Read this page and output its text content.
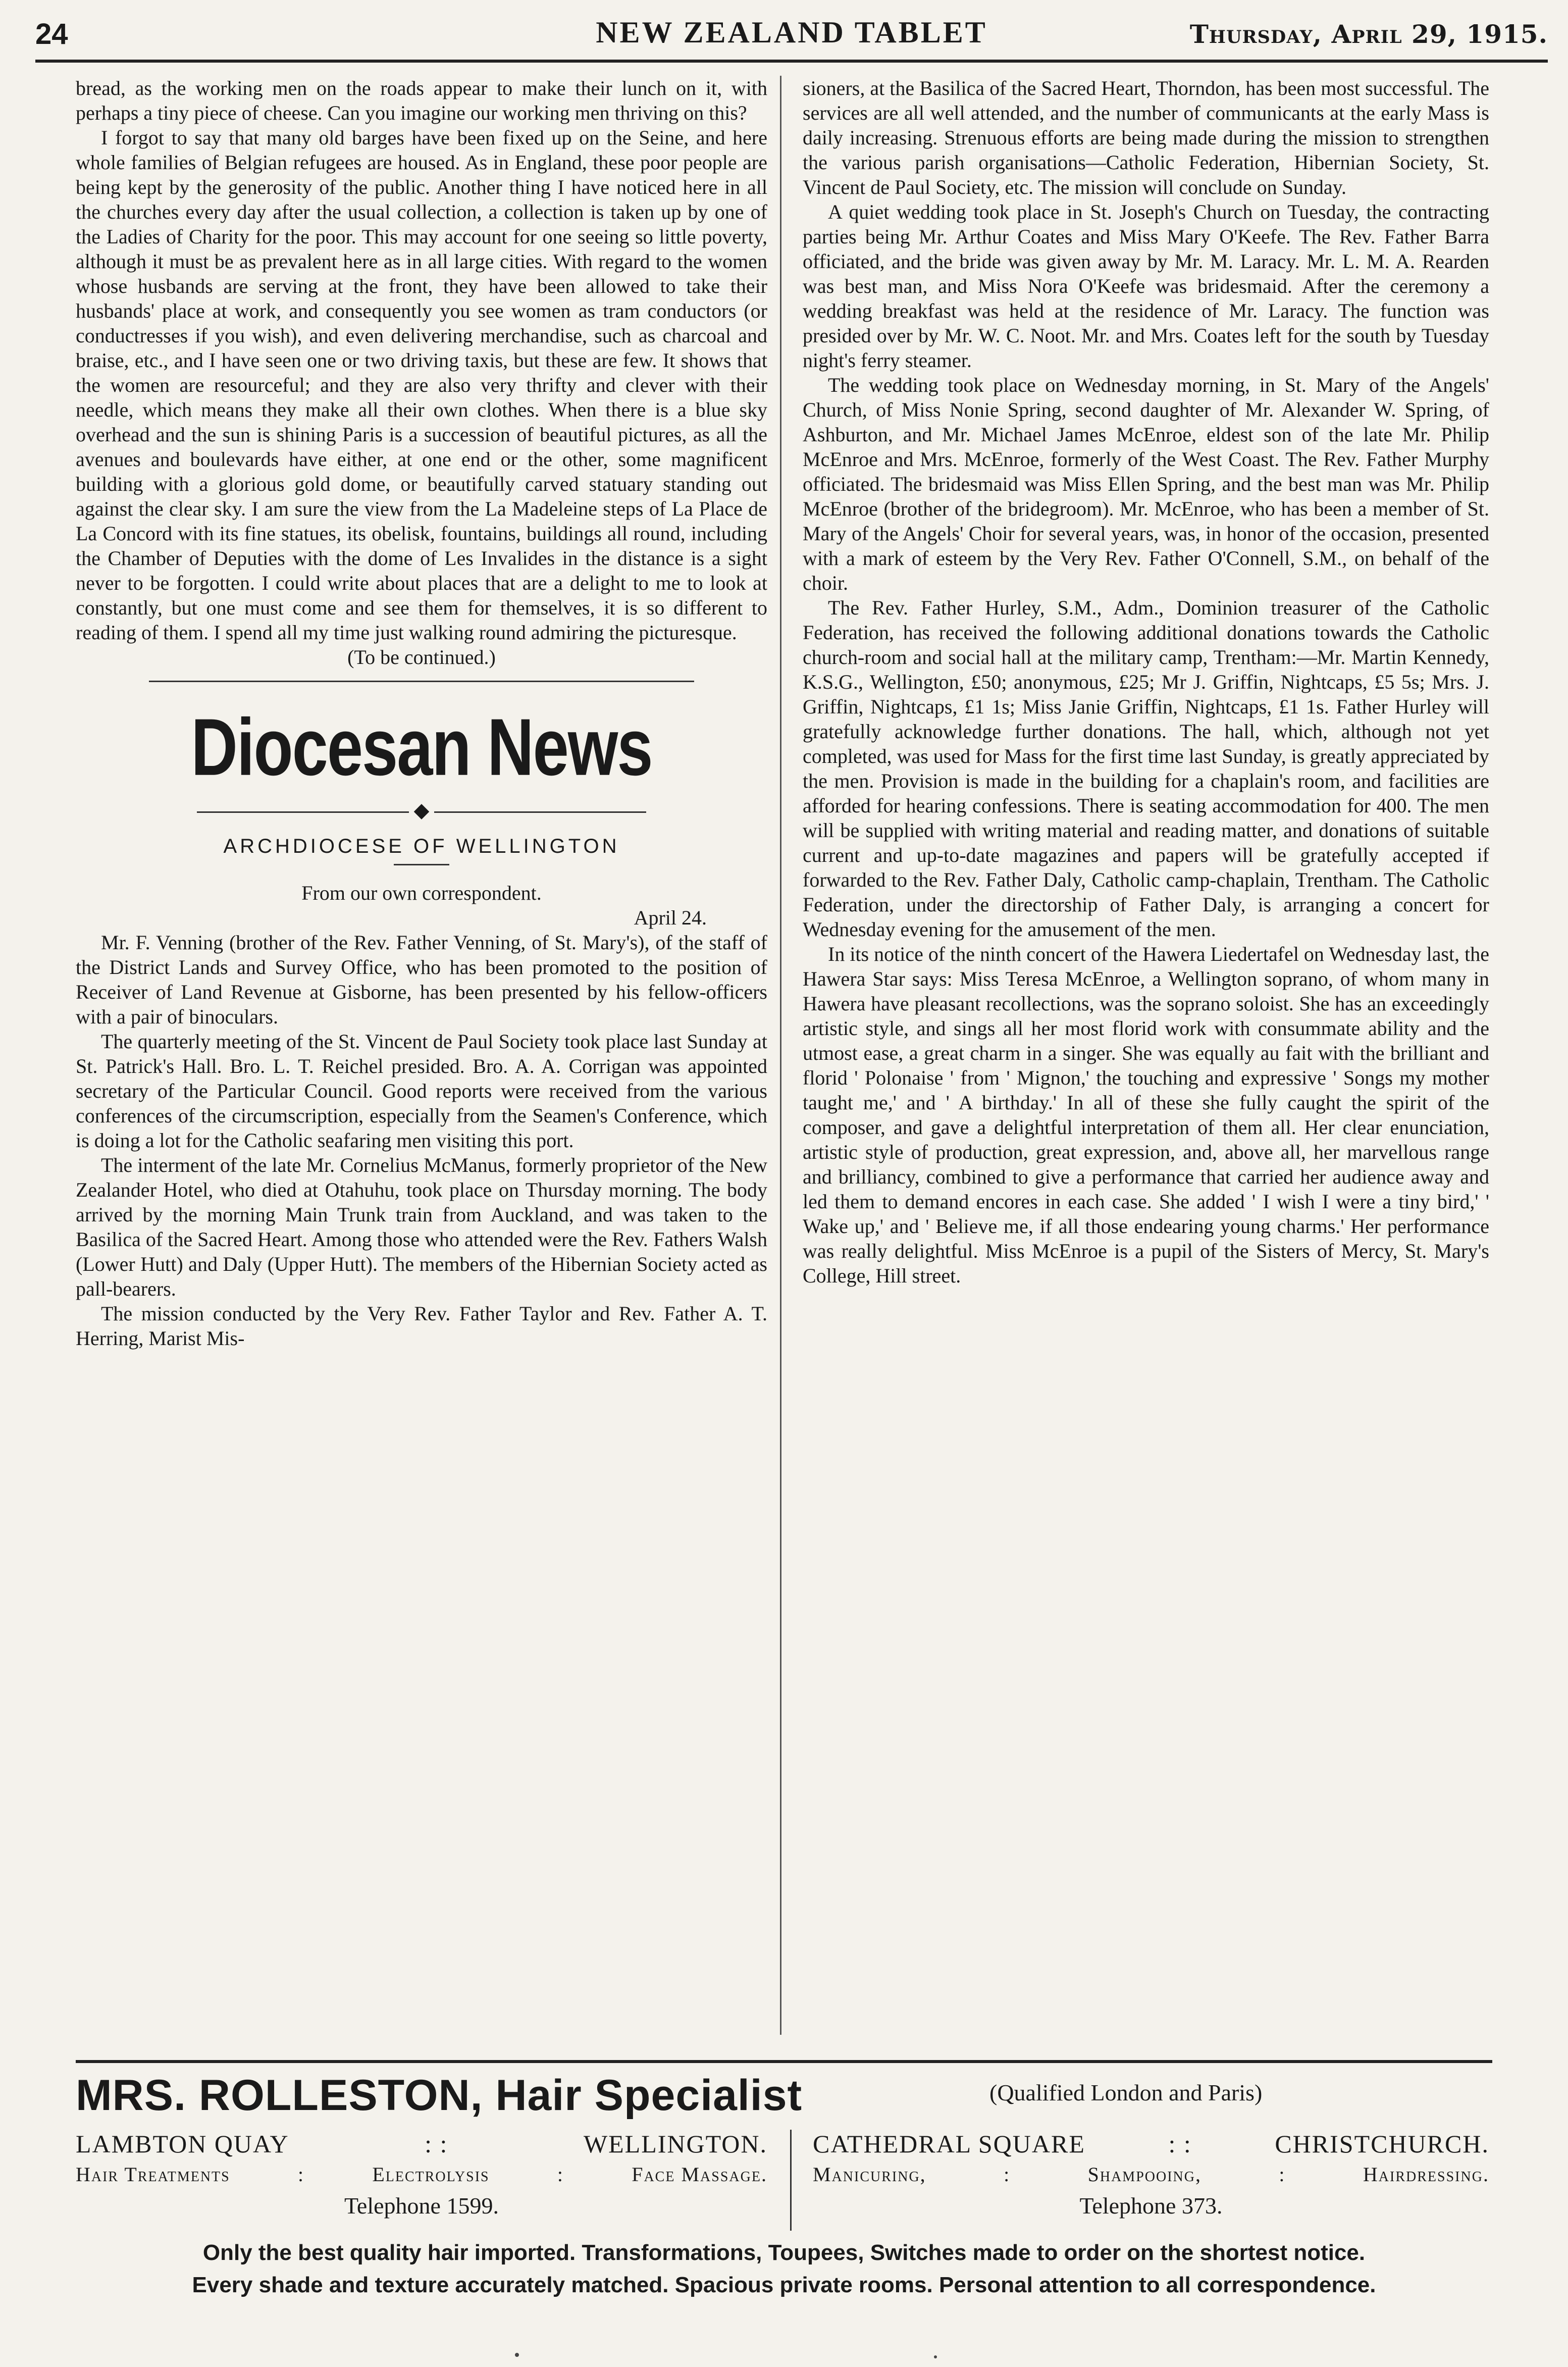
24	NEW ZEALAND TABLET	Thursday, April 29, 1915.

bread, as the working men on the roads appear to make their lunch on it, with perhaps a tiny piece of cheese. Can you imagine our working men thriving on this?

I forgot to say that many old barges have been fixed up on the Seine, and here whole families of Belgian refugees are housed. As in England, these poor people are being kept by the generosity of the public. Another thing I have noticed here in all the churches every day after the usual collection, a collection is taken up by one of the Ladies of Charity for the poor. This may account for one seeing so little poverty, although it must be as prevalent here as in all large cities. With regard to the women whose husbands are serving at the front, they have been allowed to take their husbands' place at work, and consequently you see women as tram conductors (or conductresses if you wish), and even delivering merchandise, such as charcoal and braise, etc., and I have seen one or two driving taxis, but these are few. It shows that the women are resourceful; and they are also very thrifty and clever with their needle, which means they make all their own clothes. When there is a blue sky overhead and the sun is shining Paris is a succession of beautiful pictures, as all the avenues and boulevards have either, at one end or the other, some magnificent building with a glorious gold dome, or beautifully carved statuary standing out against the clear sky. I am sure the view from the La Madeleine steps of La Place de La Concord with its fine statues, its obelisk, fountains, buildings all round, including the Chamber of Deputies with the dome of Les Invalides in the distance is a sight never to be forgotten. I could write about places that are a delight to me to look at constantly, but one must come and see them for themselves, it is so different to reading of them. I spend all my time just walking round admiring the picturesque.

(To be continued.)

Diocesan News
◆
ARCHDIOCESE OF WELLINGTON

From our own correspondent.

April 24.

Mr. F. Venning (brother of the Rev. Father Venning, of St. Mary's), of the staff of the District Lands and Survey Office, who has been promoted to the position of Receiver of Land Revenue at Gisborne, has been presented by his fellow-officers with a pair of binoculars.

The quarterly meeting of the St. Vincent de Paul Society took place last Sunday at St. Patrick's Hall. Bro. L. T. Reichel presided. Bro. A. A. Corrigan was appointed secretary of the Particular Council. Good reports were received from the various conferences of the circumscription, especially from the Seamen's Conference, which is doing a lot for the Catholic seafaring men visiting this port.

The interment of the late Mr. Cornelius McManus, formerly proprietor of the New Zealander Hotel, who died at Otahuhu, took place on Thursday morning. The body arrived by the morning Main Trunk train from Auckland, and was taken to the Basilica of the Sacred Heart. Among those who attended were the Rev. Fathers Walsh (Lower Hutt) and Daly (Upper Hutt). The members of the Hibernian Society acted as pall-bearers.

The mission conducted by the Very Rev. Father Taylor and Rev. Father A. T. Herring, Marist Mis-

sioners, at the Basilica of the Sacred Heart, Thorndon, has been most successful. The services are all well attended, and the number of communicants at the early Mass is daily increasing. Strenuous efforts are being made during the mission to strengthen the various parish organisations—Catholic Federation, Hibernian Society, St. Vincent de Paul Society, etc. The mission will conclude on Sunday.

A quiet wedding took place in St. Joseph's Church on Tuesday, the contracting parties being Mr. Arthur Coates and Miss Mary O'Keefe. The Rev. Father Barra officiated, and the bride was given away by Mr. M. Laracy. Mr. L. M. A. Rearden was best man, and Miss Nora O'Keefe was bridesmaid. After the ceremony a wedding breakfast was held at the residence of Mr. Laracy. The function was presided over by Mr. W. C. Noot. Mr. and Mrs. Coates left for the south by Tuesday night's ferry steamer.

The wedding took place on Wednesday morning, in St. Mary of the Angels' Church, of Miss Nonie Spring, second daughter of Mr. Alexander W. Spring, of Ashburton, and Mr. Michael James McEnroe, eldest son of the late Mr. Philip McEnroe and Mrs. McEnroe, formerly of the West Coast. The Rev. Father Murphy officiated. The bridesmaid was Miss Ellen Spring, and the best man was Mr. Philip McEnroe (brother of the bridegroom). Mr. McEnroe, who has been a member of St. Mary of the Angels' Choir for several years, was, in honor of the occasion, presented with a mark of esteem by the Very Rev. Father O'Connell, S.M., on behalf of the choir.

The Rev. Father Hurley, S.M., Adm., Dominion treasurer of the Catholic Federation, has received the following additional donations towards the Catholic church-room and social hall at the military camp, Trentham:—Mr. Martin Kennedy, K.S.G., Wellington, £50; anonymous, £25; Mr J. Griffin, Nightcaps, £5 5s; Mrs. J. Griffin, Nightcaps, £1 1s; Miss Janie Griffin, Nightcaps, £1 1s. Father Hurley will gratefully acknowledge further donations. The hall, which, although not yet completed, was used for Mass for the first time last Sunday, is greatly appreciated by the men. Provision is made in the building for a chaplain's room, and facilities are afforded for hearing confessions. There is seating accommodation for 400. The men will be supplied with writing material and reading matter, and donations of suitable current and up-to-date magazines and papers will be gratefully accepted if forwarded to the Rev. Father Daly, Catholic camp-chaplain, Trentham. The Catholic Federation, under the directorship of Father Daly, is arranging a concert for Wednesday evening for the amusement of the men.

In its notice of the ninth concert of the Hawera Liedertafel on Wednesday last, the Hawera Star says: Miss Teresa McEnroe, a Wellington soprano, of whom many in Hawera have pleasant recollections, was the soprano soloist. She has an exceedingly artistic style, and sings all her most florid work with consummate ability and the utmost ease, a great charm in a singer. She was equally au fait with the brilliant and florid ' Polonaise ' from ' Mignon,' the touching and expressive ' Songs my mother taught me,' and ' A birthday.' In all of these she fully caught the spirit of the composer, and gave a delightful interpretation of them all. Her clear enunciation, artistic style of production, great expression, and, above all, her marvellous range and brilliancy, combined to give a performance that carried her audience away and led them to demand encores in each case. She added ' I wish I were a tiny bird,' ' Wake up,' and ' Believe me, if all those endearing young charms.' Her performance was really delightful. Miss McEnroe is a pupil of the Sisters of Mercy, St. Mary's College, Hill street.

MRS. ROLLESTON, Hair Specialist	(Qualified London and Paris)
LAMBTON QUAY	: :	WELLINGTON.
Hair Treatments	:	Electrolysis	:	Face Massage.
Telephone 1599.
CATHEDRAL SQUARE	: :	CHRISTCHURCH.
Manicuring,	:	Shampooing,	:	Hairdressing.
Telephone 373.
Only the best quality hair imported. Transformations, Toupees, Switches made to order on the shortest notice.
Every shade and texture accurately matched. Spacious private rooms. Personal attention to all correspondence.
